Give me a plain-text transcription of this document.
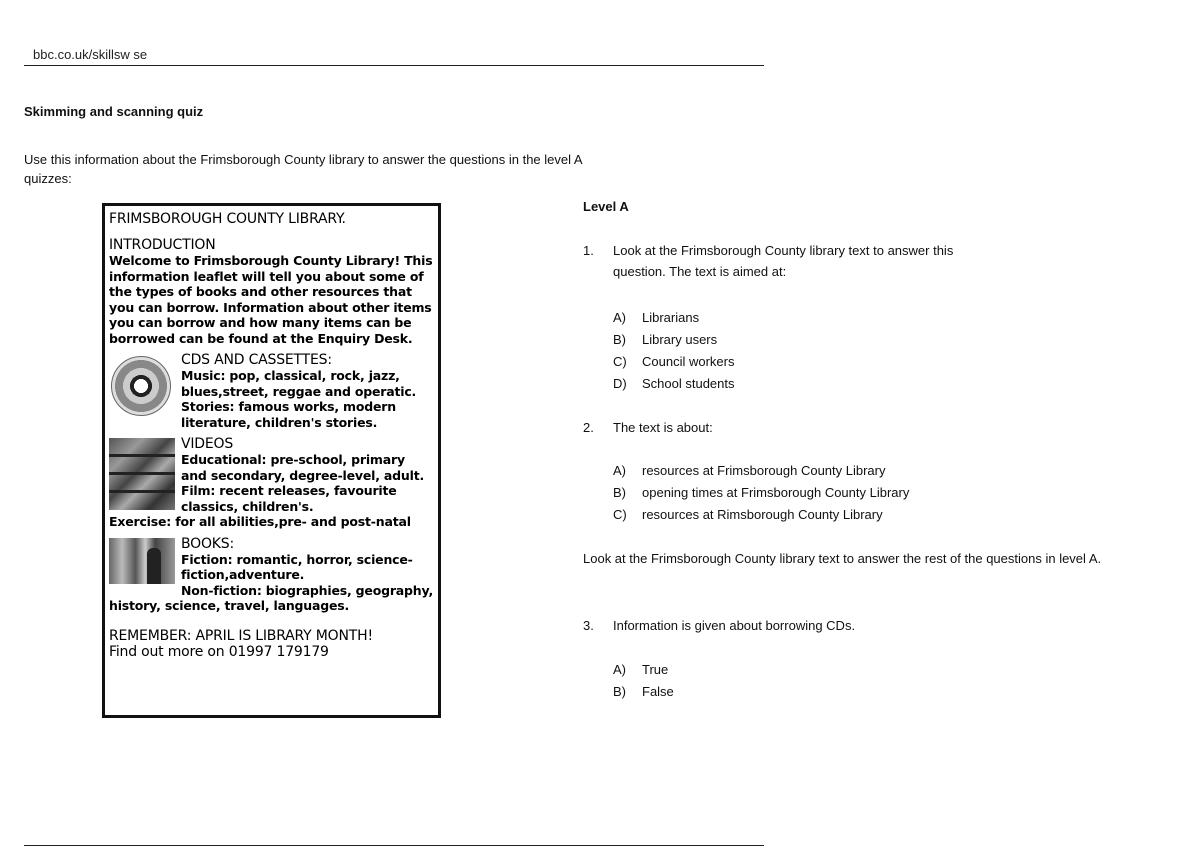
bbc.co.uk/skillsw se
Skimming and scanning quiz
Use this information about the Frimsborough County library to answer the questions in the level A quizzes:

FRIMSBOROUGH COUNTY LIBRARY.

INTRODUCTION

Welcome to Frimsborough County Library! This information leaflet will tell you about some of the types of books and other resources that you can borrow. Information about other items you can borrow and how many items can be borrowed can be found at the Enquiry Desk.

CDS AND CASSETTES:

Music: pop, classical, rock, jazz, blues,street, reggae and operatic.

Stories: famous works, modern literature, children's stories.

VIDEOS

Educational: pre-school, primary and secondary, degree-level, adult.

Film: recent releases, favourite classics, children's.

Exercise: for all abilities,pre- and post-natal

BOOKS:

Fiction: romantic, horror, science-fiction,adventure.

Non-fiction: biographies, geography, history, science, travel, languages.

REMEMBER: APRIL IS LIBRARY MONTH!

Find out more on 01997 179179

Level A
1. Look at the Frimsborough County library text to answer this
question. The text is aimed at:
A) Librarians
B) Library users
C) Council workers
D) School students
2. The text is about:
A) resources at Frimsborough County Library
B) opening times at Frimsborough County Library
C) resources at Rimsborough County Library
Look at the Frimsborough County library text to answer the rest of the questions in level A.
3. Information is given about borrowing CDs.
A) True
B) False
